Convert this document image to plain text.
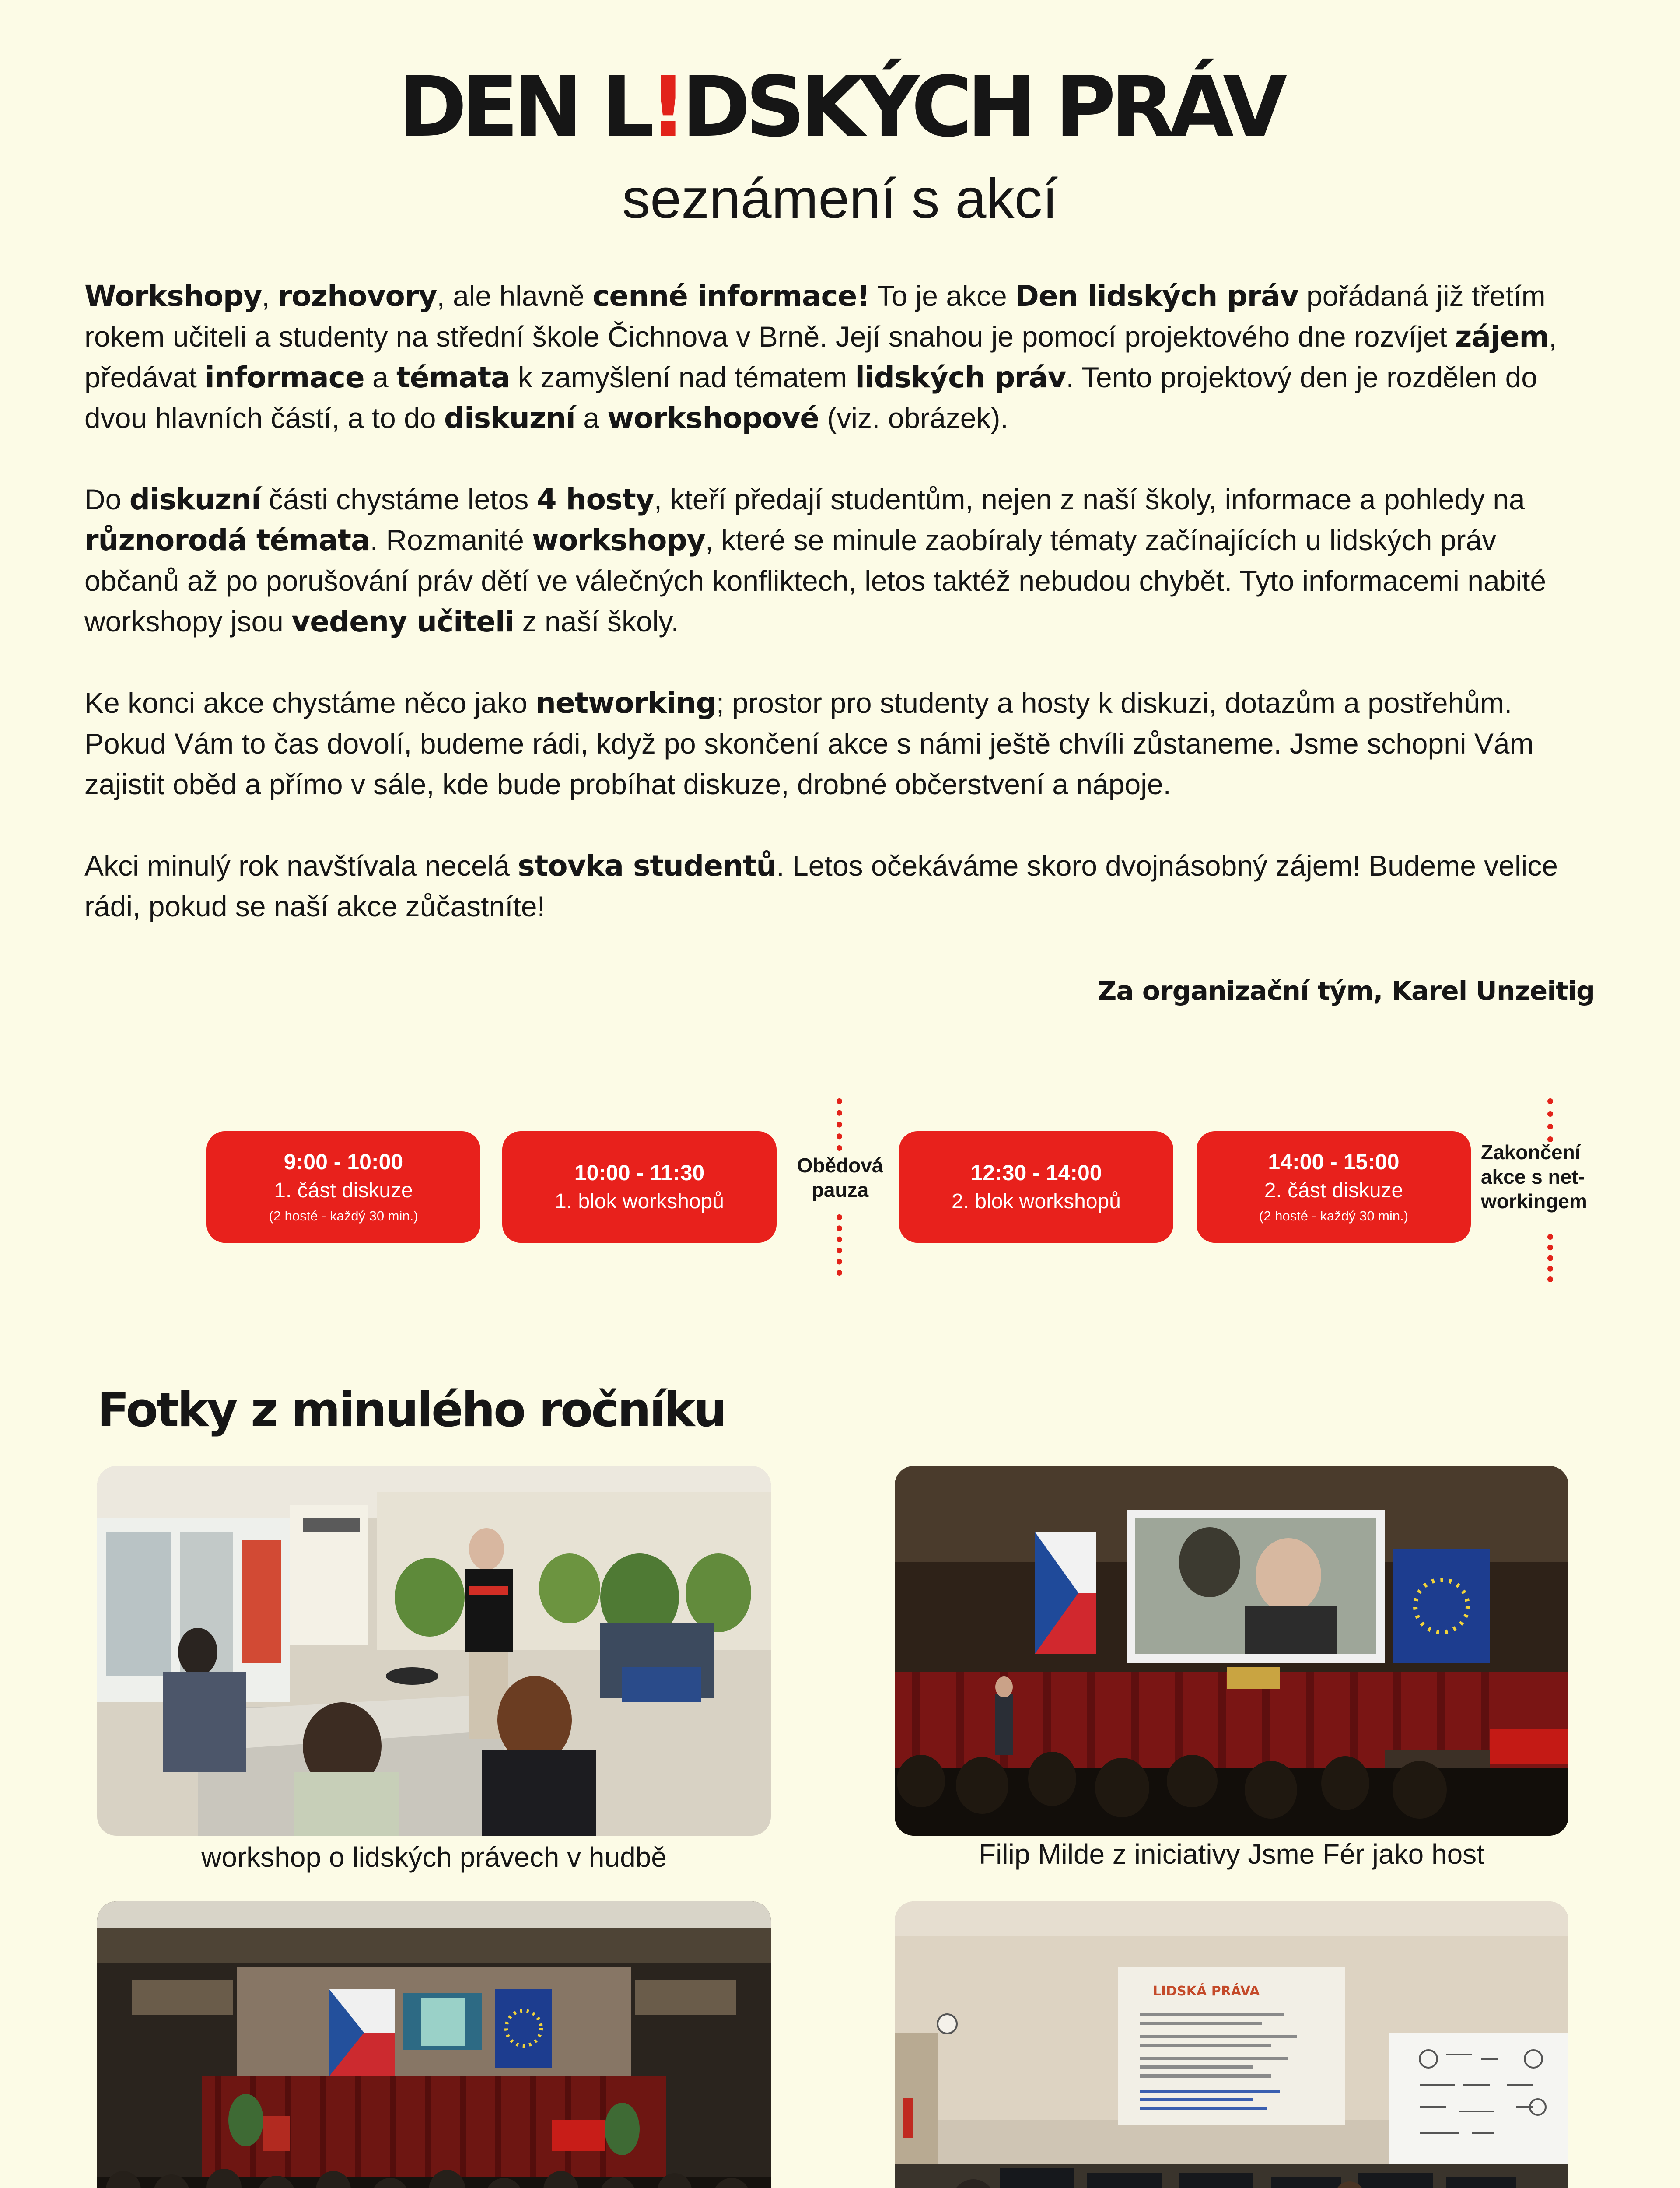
DEN L!DSKÝCH PRÁV
seznámení s akcí

Workshopy, rozhovory, ale hlavně cenné informace! To je akce Den lidských práv pořádaná již třetím rokem učiteli a studenty na střední škole Čichnova v Brně. Její snahou je pomocí projektového dne rozvíjet zájem, předávat informace a témata k zamyšlení nad tématem lidských práv. Tento projektový den je rozdělen do dvou hlavních částí, a to do diskuzní a workshopové (viz. obrázek).

Do diskuzní části chystáme letos 4 hosty, kteří předají studentům, nejen z naší školy, informace a pohledy na různorodá témata. Rozmanité workshopy, které se minule zaobíraly tématy začínajících u lidských práv občanů až po porušování práv dětí ve válečných konfliktech, letos taktéž nebudou chybět. Tyto informacemi nabité workshopy jsou vedeny učiteli z naší školy.

Ke konci akce chystáme něco jako networking; prostor pro studenty a hosty k diskuzi, dotazům a postřehům. Pokud Vám to čas dovolí, budeme rádi, když po skončení akce s námi ještě chvíli zůstaneme. Jsme schopni Vám zajistit oběd a přímo v sále, kde bude probíhat diskuze, drobné občerstvení a nápoje.

Akci minulý rok navštívala necelá stovka studentů. Letos očekáváme skoro dvojnásobný zájem! Budeme velice rádi, pokud se naší akce zůčastníte!

Za organizační tým, Karel Unzeitig
9:00 - 10:00
1. část diskuze
(2 hosté - každý 30 min.)
10:00 - 11:30
1. blok workshopů
Obědová
pauza
12:30 - 14:00
2. blok workshopů
14:00 - 15:00
2. část diskuze
(2 hosté - každý 30 min.)
Zakončení
akce s net-
workingem
Fotky z minulého ročníku
workshop o lidských právech v hudbě	Filip Milde z iniciativy Jsme Fér jako host
LIDSKÁ PRÁVA
